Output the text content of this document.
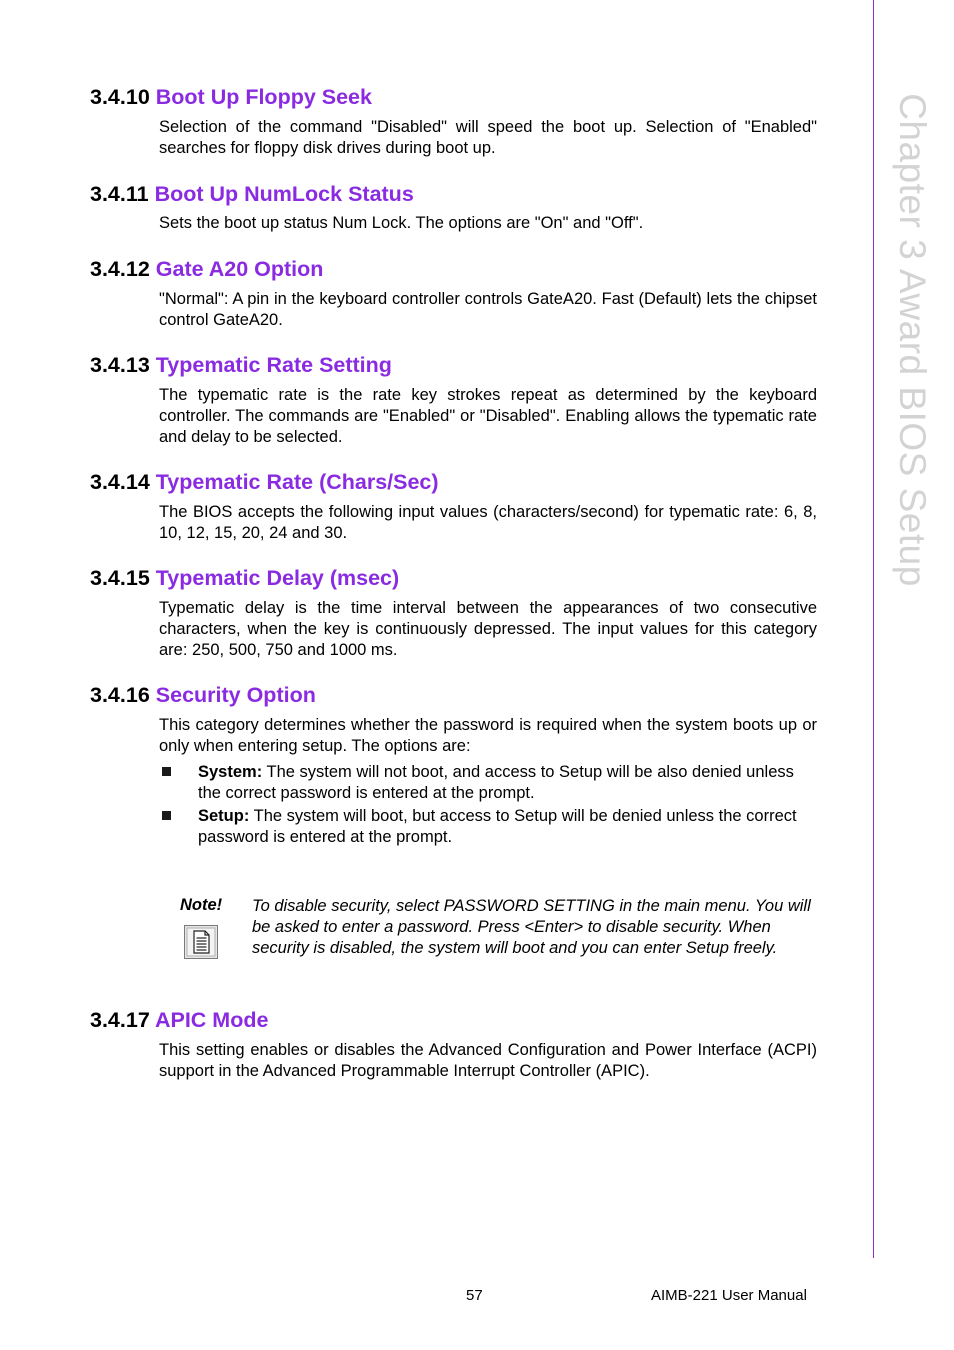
Chapter 3 Award BIOS Setup
3.4.10 Boot Up Floppy Seek

Selection of the command "Disabled" will speed the boot up. Selection of "Enabled" searches for floppy disk drives during boot up.

3.4.11 Boot Up NumLock Status

Sets the boot up status Num Lock. The options are "On" and "Off".

3.4.12 Gate A20 Option

"Normal": A pin in the keyboard controller controls GateA20. Fast (Default) lets the chipset control GateA20.

3.4.13 Typematic Rate Setting

The typematic rate is the rate key strokes repeat as determined by the keyboard controller. The commands are "Enabled" or "Disabled". Enabling allows the typematic rate and delay to be selected.

3.4.14 Typematic Rate (Chars/Sec)

The BIOS accepts the following input values (characters/second) for typematic rate: 6, 8, 10, 12, 15, 20, 24 and 30.

3.4.15 Typematic Delay (msec)

Typematic delay is the time interval between the appearances of two consecutive characters, when the key is continuously depressed. The input values for this category are: 250, 500, 750 and 1000 ms.

3.4.16 Security Option

This category determines whether the password is required when the system boots up or only when entering setup. The options are:

System: The system will not boot, and access to Setup will be also denied unless the correct password is entered at the prompt.
Setup: The system will boot, but access to Setup will be denied unless the correct password is entered at the prompt.
Note! To disable security, select PASSWORD SETTING in the main menu. You will be asked to enter a password. Press <Enter> to disable security. When security is disabled, the system will boot and you can enter Setup freely.
3.4.17 APIC Mode

This setting enables or disables the Advanced Configuration and Power Interface (ACPI) support in the Advanced Programmable Interrupt Controller (APIC).

57	AIMB-221 User Manual
